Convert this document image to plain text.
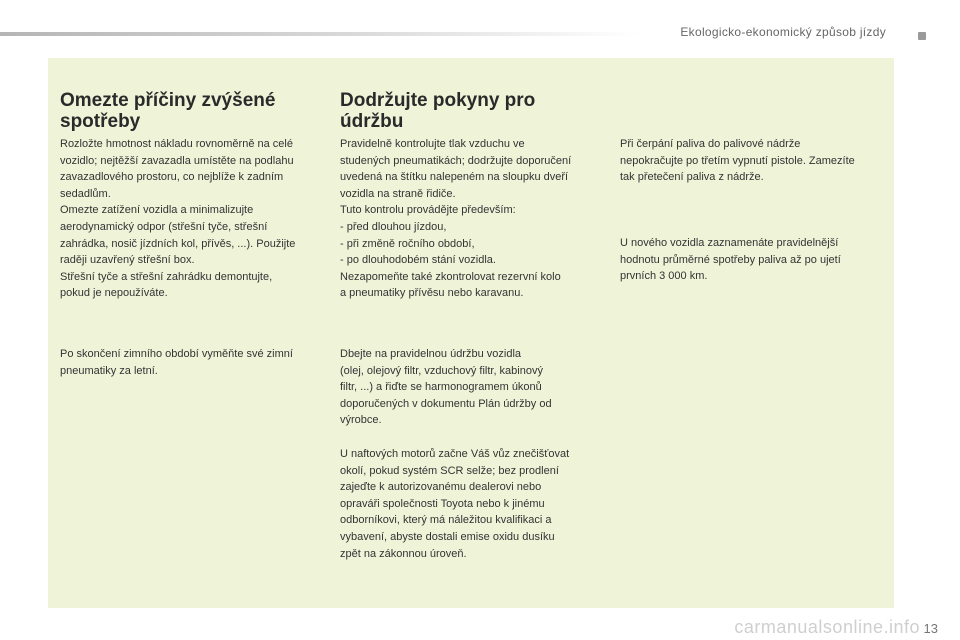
Ekologicko-ekonomický způsob jízdy
Omezte příčiny zvýšené
spotřeby

Rozložte hmotnost nákladu rovnoměrně na celé
vozidlo; nejtěžší zavazadla umístěte na podlahu
zavazadlového prostoru, co nejblíže k zadním
sedadlům.
Omezte zatížení vozidla a minimalizujte
aerodynamický odpor (střešní tyče, střešní
zahrádka, nosič jízdních kol, přívěs, ...). Použijte
raději uzavřený střešní box.
Střešní tyče a střešní zahrádku demontujte,
pokud je nepoužíváte.

Po skončení zimního období vyměňte své zimní
pneumatiky za letní.

Dodržujte pokyny pro
údržbu

Pravidelně kontrolujte tlak vzduchu ve
studených pneumatikách; dodržujte doporučení
uvedená na štítku nalepeném na sloupku dveří
vozidla na straně řidiče.
Tuto kontrolu provádějte především:
- před dlouhou jízdou,
- při změně ročního období,
- po dlouhodobém stání vozidla.
Nezapomeňte také zkontrolovat rezervní kolo
a pneumatiky přívěsu nebo karavanu.

Dbejte na pravidelnou údržbu vozidla
(olej, olejový filtr, vzduchový filtr, kabinový
filtr, ...) a řiďte se harmonogramem úkonů
doporučených v dokumentu Plán údržby od
výrobce.

U naftových motorů začne Váš vůz znečišťovat
okolí, pokud systém SCR selže; bez prodlení
zajeďte k autorizovanému dealerovi nebo
opraváři společnosti Toyota nebo k jinému
odborníkovi, který má náležitou kvalifikaci a
vybavení, abyste dostali emise oxidu dusíku
zpět na zákonnou úroveň.

Při čerpání paliva do palivové nádrže
nepokračujte po třetím vypnutí pistole. Zamezíte
tak přetečení paliva z nádrže.

U nového vozidla zaznamenáte pravidelnější
hodnotu průměrné spotřeby paliva až po ujetí
prvních 3 000 km.

carmanualsonline.info 13
